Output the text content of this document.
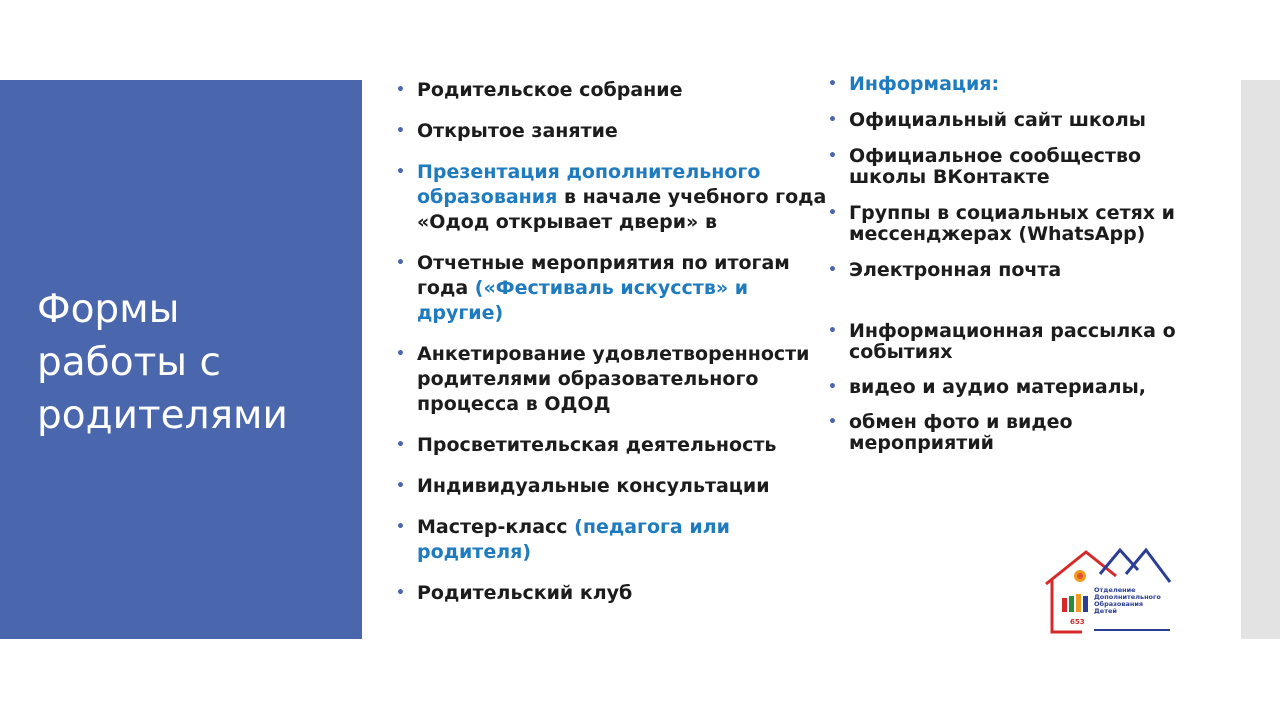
Формы работы с родителями
• Родительское собрание
• Открытое занятие
• Презентация дополнительного образования в начале учебного года «Одод открывает двери» в
• Отчетные мероприятия по итогам года («Фестиваль искусств» и другие)
• Анкетирование удовлетворенности родителями образовательного процесса в ОДОД
• Просветительская деятельность
• Индивидуальные консультации
• Мастер-класс (педагога или родителя)
• Родительский клуб
• Информация:
• Официальный сайт школы
• Официальное сообщество школы ВКонтакте
• Группы в социальных сетях и мессенджерах (WhatsApp)
• Электронная почта
• Информационная рассылка о событиях
• видео и аудио материалы,
• обмен фото и видео мероприятий
653
Отделение
Дополнительного
Образования
Детей
